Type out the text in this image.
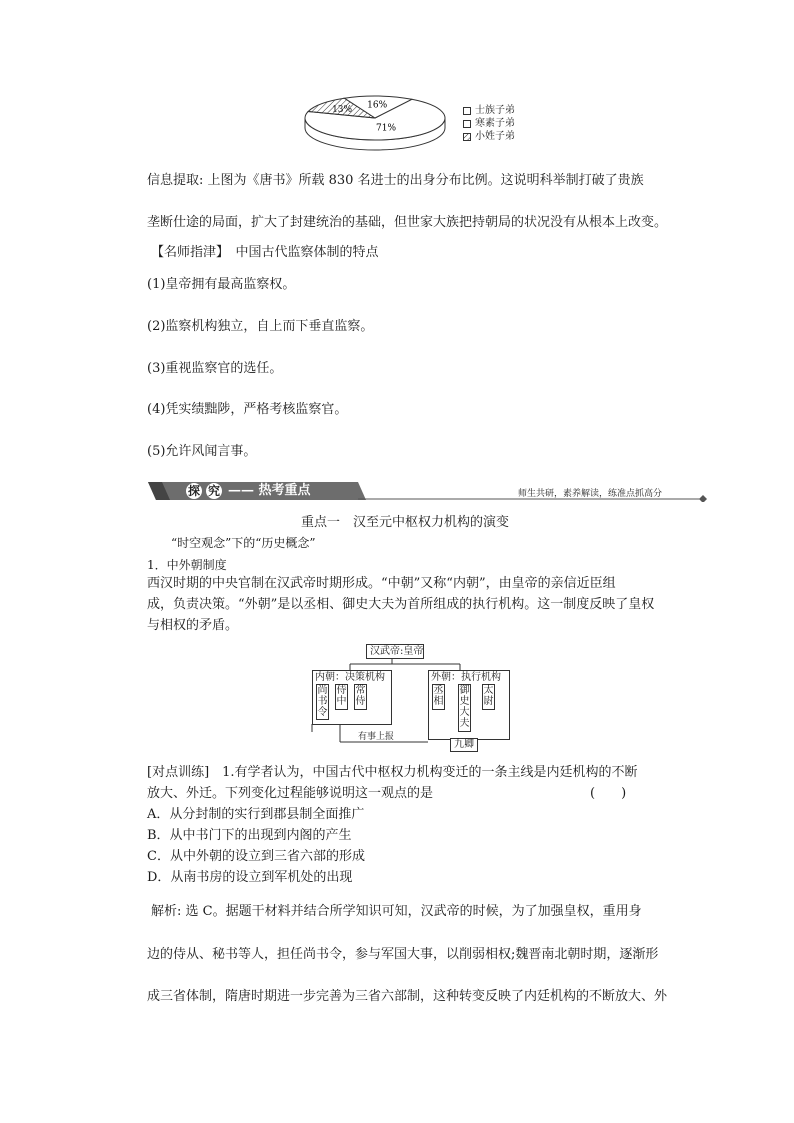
71%
13% 16%	士族子弟
寒素子弟
小姓子弟
信息提取: 上图为《唐书》所载 830 名进士的出身分布比例。这说明科举制打破了贵族
垄断仕途的局面，扩大了封建统治的基础，但世家大族把持朝局的状况没有从根本上改变。
【名师指津】　中国古代监察体制的特点
(1)皇帝拥有最高监察权。
(2)监察机构独立，自上而下垂直监察。
(3)重视监察官的选任。
(4)凭实绩黜陟，严格考核监察官。
(5)允许风闻言事。
探 究 —— 热考重点	师生共研，素养解读，练准点抓高分
重点一　汉至元中枢权力机构的演变
“时空观念”下的“历史概念”
1．中外朝制度
西汉时期的中央官制在汉武帝时期形成。“中朝”又称“内朝”，由皇帝的亲信近臣组
成，负责决策。“外朝”是以丞相、御史大夫为首所组成的执行机构。这一制度反映了皇权
与相权的矛盾。
汉武帝:皇帝
内朝：决策机构
尚
书
令
侍
中
常
侍
外朝：执行机构
丞
相
御
史
大
夫
太
尉
有事上报
九卿
[对点训练]　1.有学者认为，中国古代中枢权力机构变迁的一条主线是内廷机构的不断
放大、外迁。下列变化过程能够说明这一观点的是	(　　)
A．从分封制的实行到郡县制全面推广
B．从中书门下的出现到内阁的产生
C．从中外朝的设立到三省六部的形成
D．从南书房的设立到军机处的出现
解析: 选 C。据题干材料并结合所学知识可知，汉武帝的时候，为了加强皇权，重用身
边的侍从、秘书等人，担任尚书令，参与军国大事，以削弱相权;魏晋南北朝时期，逐渐形
成三省体制，隋唐时期进一步完善为三省六部制，这种转变反映了内廷机构的不断放大、外
